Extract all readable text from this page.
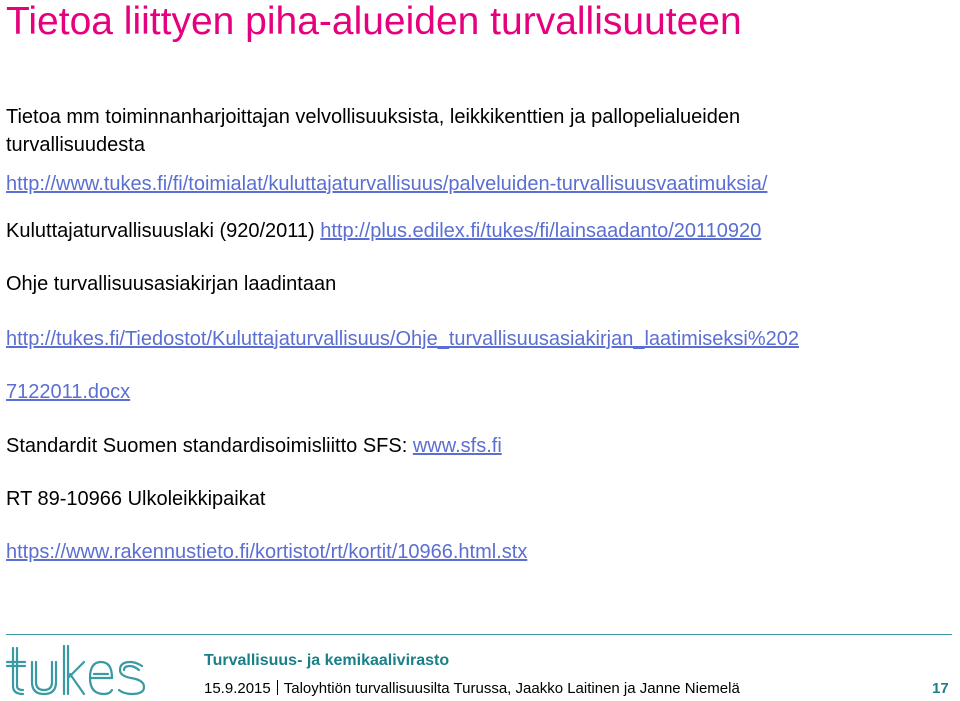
Tietoa liittyen piha-alueiden turvallisuuteen
Tietoa mm toiminnanharjoittajan velvollisuuksista, leikkikenttien ja pallopelialueiden
turvallisuudesta
http://www.tukes.fi/fi/toimialat/kuluttajaturvallisuus/palveluiden-turvallisuusvaatimuksia/
Kuluttajaturvallisuuslaki (920/2011) http://plus.edilex.fi/tukes/fi/lainsaadanto/20110920
Ohje turvallisuusasiakirjan laadintaan
http://tukes.fi/Tiedostot/Kuluttajaturvallisuus/Ohje_turvallisuusasiakirjan_laatimiseksi%202
7122011.docx
Standardit Suomen standardisoimisliitto SFS: www.sfs.fi
RT 89-10966 Ulkoleikkipaikat
https://www.rakennustieto.fi/kortistot/rt/kortit/10966.html.stx
Turvallisuus- ja kemikaalivirasto
15.9.2015 Taloyhtiön turvallisuusilta Turussa, Jaakko Laitinen ja Janne Niemelä	17
